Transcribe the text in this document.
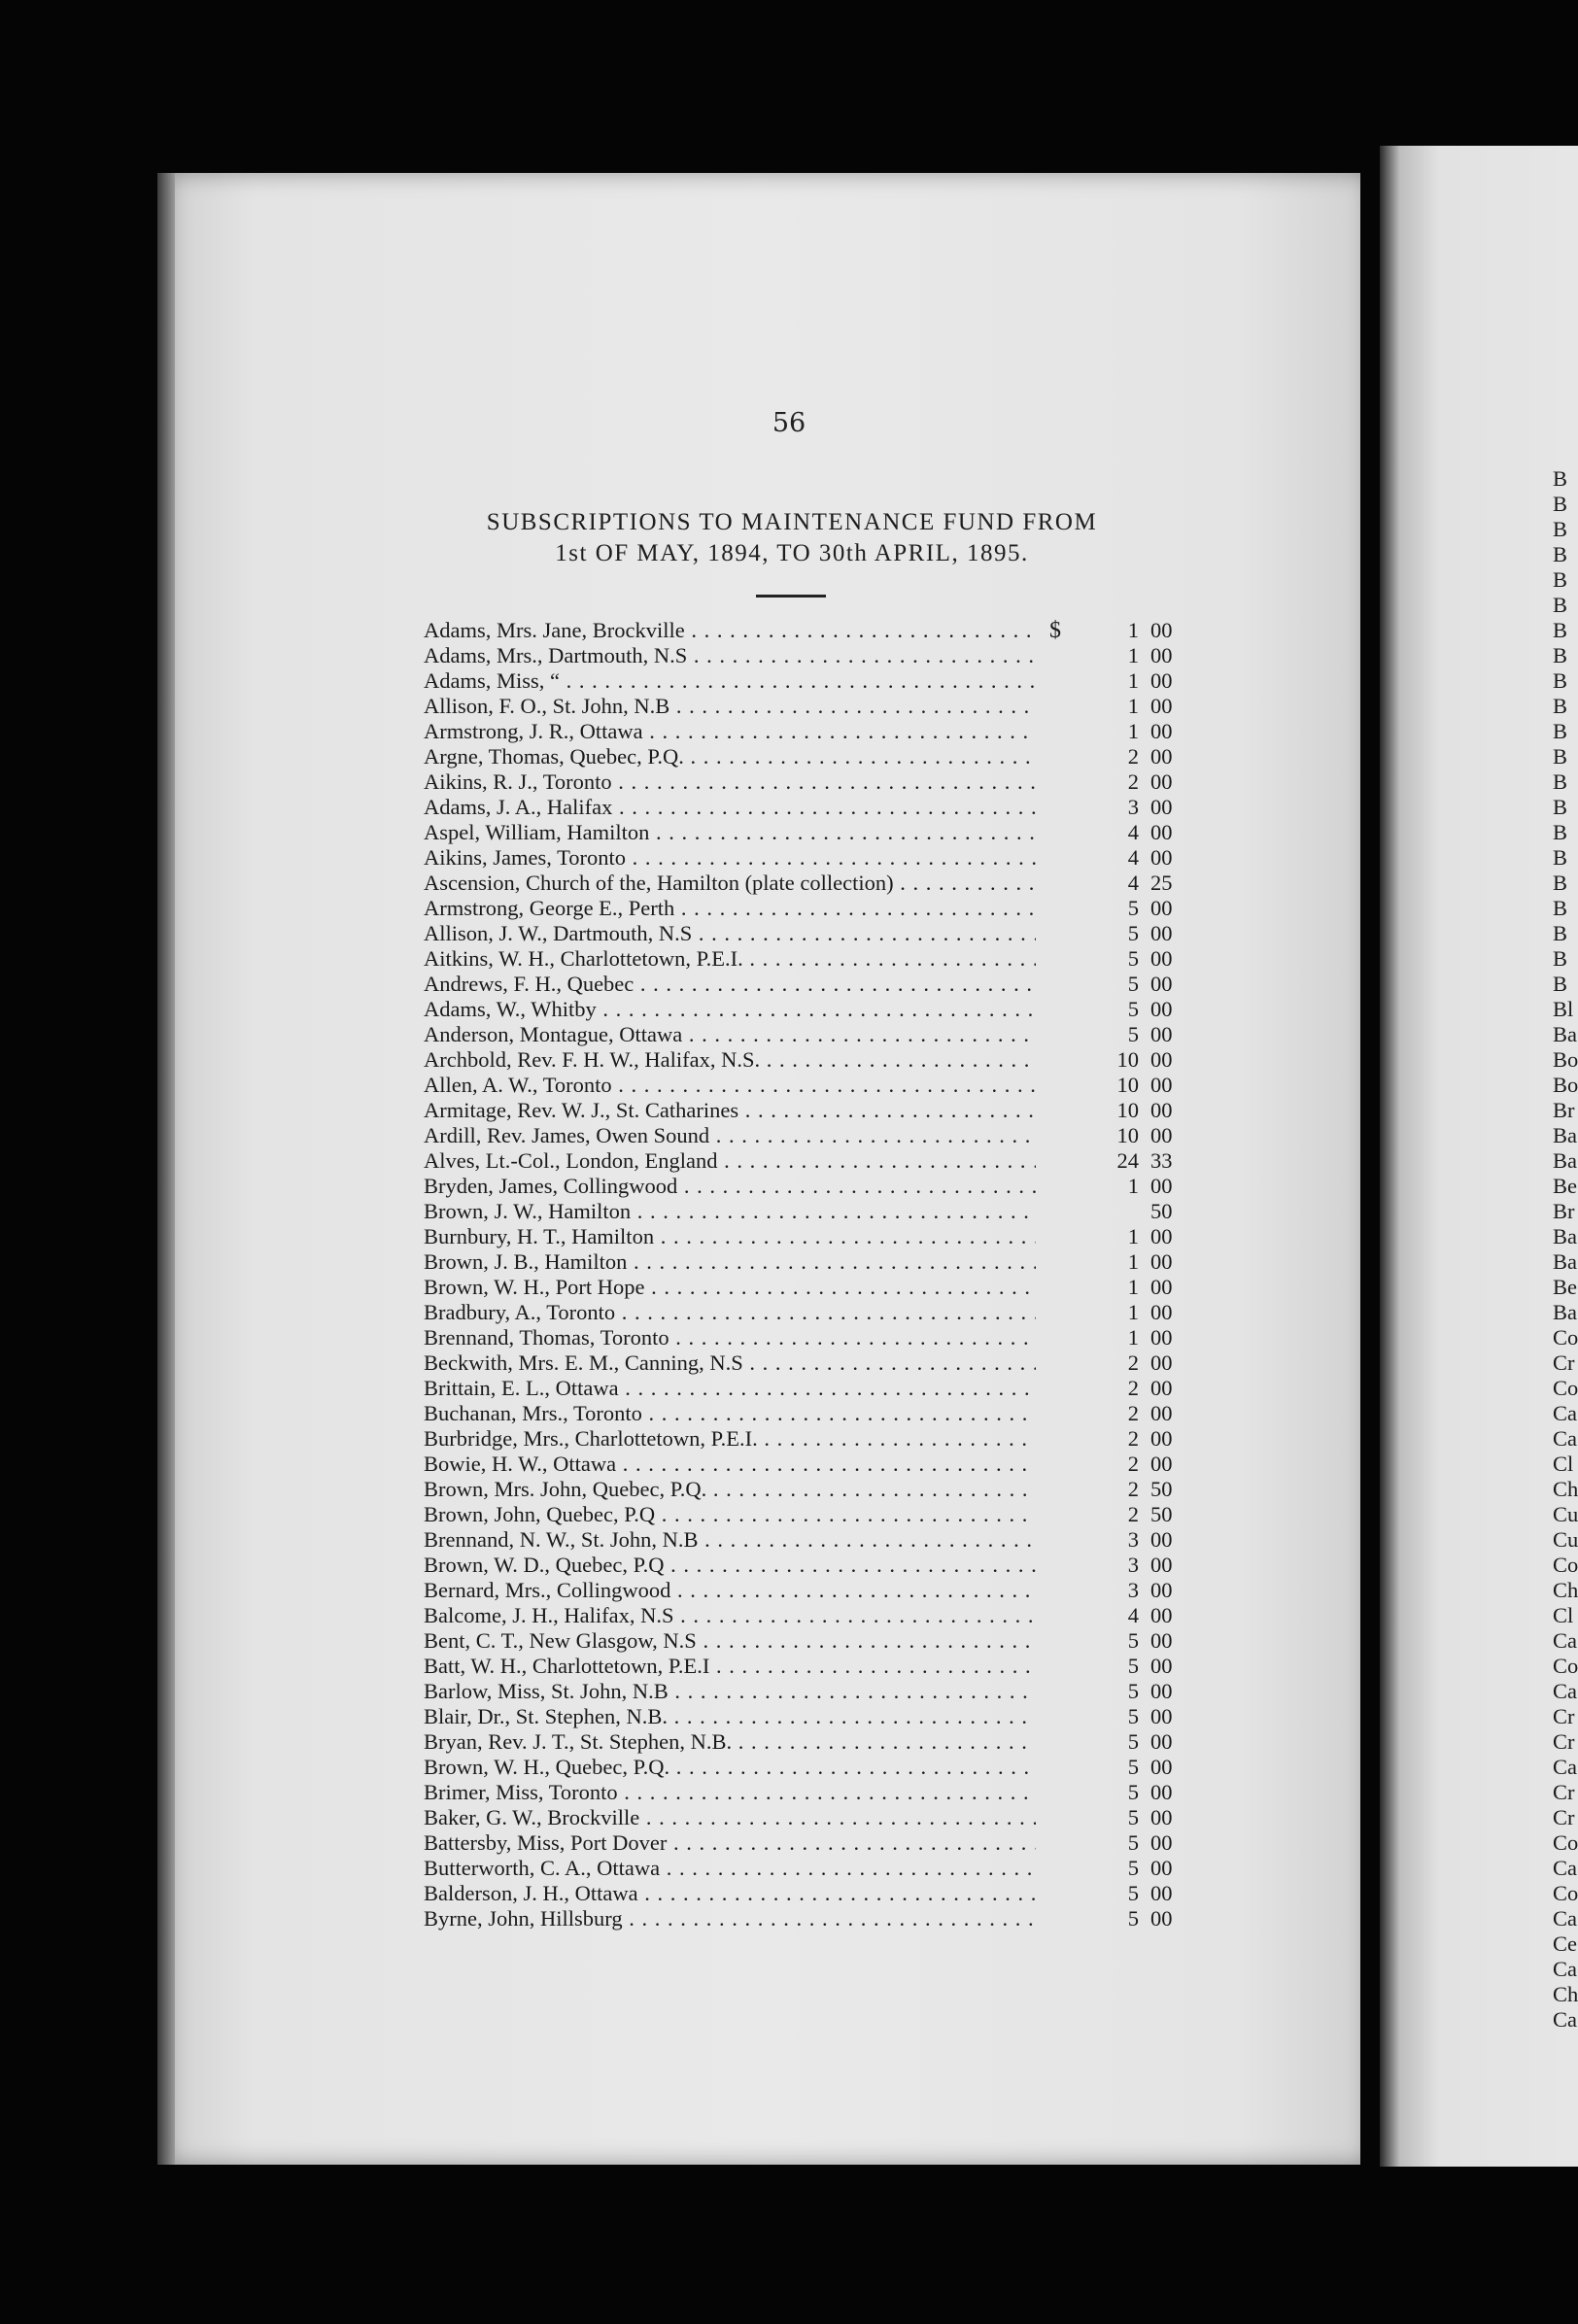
56
SUBSCRIPTIONS TO MAINTENANCE FUND FROM
1st OF MAY, 1894, TO 30th APRIL, 1895.
Adams, Mrs. Jane, Brockville . . .	$	1 00
Adams, Mrs., Dartmouth, N.S . . .	1 00
Adams, Miss, “ . . .	1 00
Allison, F. O., St. John, N.B . . .	1 00
Armstrong, J. R., Ottawa . . .	1 00
Argne, Thomas, Quebec, P.Q. . . .	2 00
Aikins, R. J., Toronto . . .	2 00
Adams, J. A., Halifax . . .	3 00
Aspel, William, Hamilton . . .	4 00
Aikins, James, Toronto . . .	4 00
Ascension, Church of the, Hamilton (plate collection) . . .	4 25
Armstrong, George E., Perth . . .	5 00
Allison, J. W., Dartmouth, N.S . . .	5 00
Aitkins, W. H., Charlottetown, P.E.I. . . .	5 00
Andrews, F. H., Quebec . . .	5 00
Adams, W., Whitby . . .	5 00
Anderson, Montague, Ottawa . . .	5 00
Archbold, Rev. F. H. W., Halifax, N.S. . . .	10 00
Allen, A. W., Toronto . . .	10 00
Armitage, Rev. W. J., St. Catharines . . .	10 00
Ardill, Rev. James, Owen Sound . . .	10 00
Alves, Lt.-Col., London, England . . .	24 33
Bryden, James, Collingwood . . .	1 00
Brown, J. W., Hamilton . . .	50
Burnbury, H. T., Hamilton . . .	1 00
Brown, J. B., Hamilton . . .	1 00
Brown, W. H., Port Hope . . .	1 00
Bradbury, A., Toronto . . .	1 00
Brennand, Thomas, Toronto . . .	1 00
Beckwith, Mrs. E. M., Canning, N.S . . .	2 00
Brittain, E. L., Ottawa . . .	2 00
Buchanan, Mrs., Toronto . . .	2 00
Burbridge, Mrs., Charlottetown, P.E.I. . . .	2 00
Bowie, H. W., Ottawa . . .	2 00
Brown, Mrs. John, Quebec, P.Q. . . .	2 50
Brown, John, Quebec, P.Q . . .	2 50
Brennand, N. W., St. John, N.B . . .	3 00
Brown, W. D., Quebec, P.Q . . .	3 00
Bernard, Mrs., Collingwood . . .	3 00
Balcome, J. H., Halifax, N.S . . .	4 00
Bent, C. T., New Glasgow, N.S . . .	5 00
Batt, W. H., Charlottetown, P.E.I . . .	5 00
Barlow, Miss, St. John, N.B . . .	5 00
Blair, Dr., St. Stephen, N.B. . . .	5 00
Bryan, Rev. J. T., St. Stephen, N.B. . . .	5 00
Brown, W. H., Quebec, P.Q. . . .	5 00
Brimer, Miss, Toronto . . .	5 00
Baker, G. W., Brockville . . .	5 00
Battersby, Miss, Port Dover . . .	5 00
Butterworth, C. A., Ottawa . . .	5 00
Balderson, J. H., Ottawa . . .	5 00
Byrne, John, Hillsburg . . .	5 00
B
B
B
B
B
B
B
B
B
B
B
B
B
B
B
B
B
B
B
B
B
Bl
Ba
Bo
Bo
Br
Ba
Ba
Be
Br
Ba
Ba
Be
Ba
Co
Cr
Co
Ca
Ca
Cl
Ch
Cu
Cu
Co
Ch
Cl
Ca
Co
Ca
Cr
Cr
Ca
Cr
Cr
Co
Ca
Co
Ca
Ce
Ca
Ch
Ca
